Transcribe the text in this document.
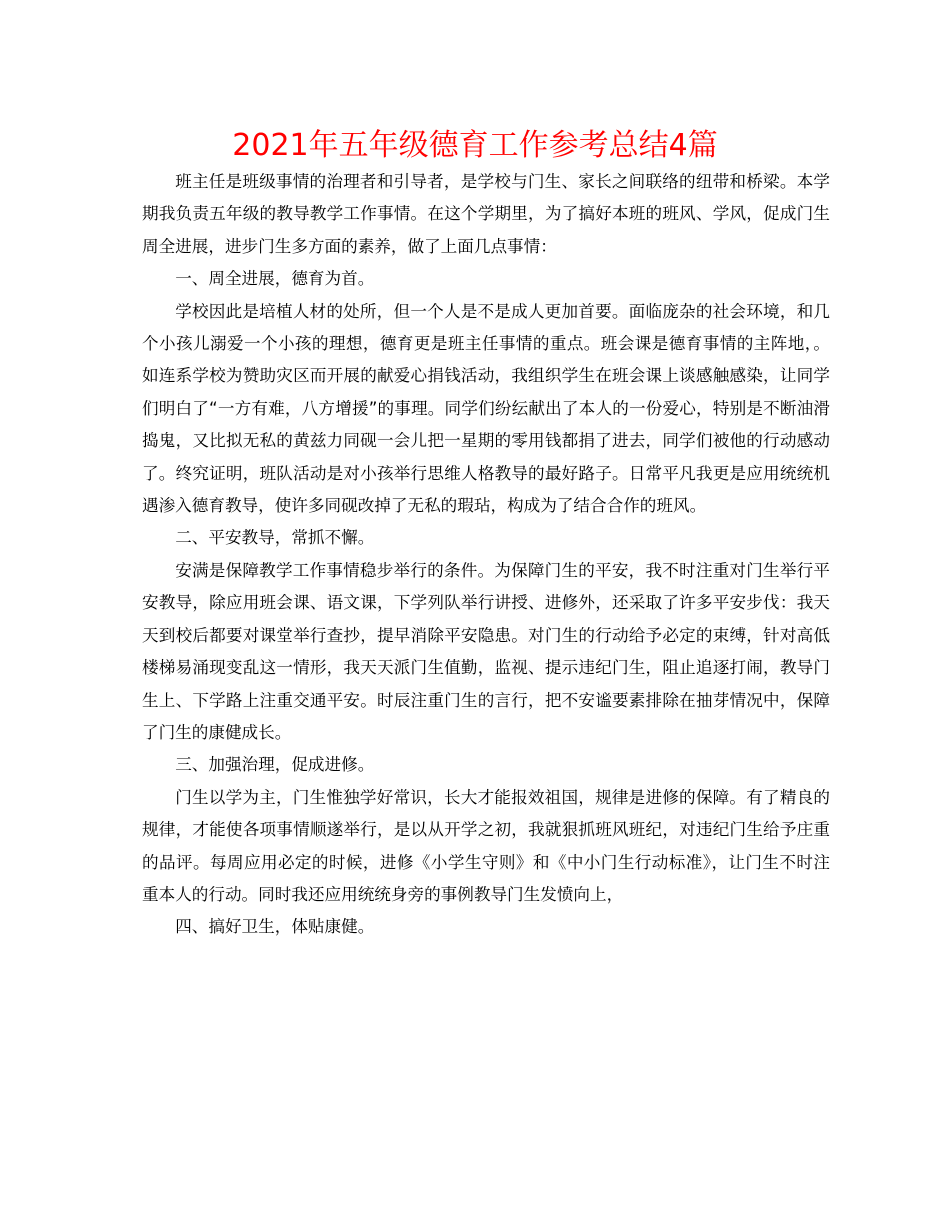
2021年五年级德育工作参考总结4篇

班主任是班级事情的治理者和引导者，是学校与门生、家长之间联络的纽带和桥梁。本学期我负责五年级的教导教学工作事情。在这个学期里，为了搞好本班的班风、学风，促成门生周全进展，进步门生多方面的素养，做了上面几点事情：

一、周全进展，德育为首。

学校因此是培植人材的处所，但一个人是不是成人更加首要。面临庞杂的社会环境，和几个小孩儿溺爱一个小孩的理想，德育更是班主任事情的重点。班会课是德育事情的主阵地，。如连系学校为赞助灾区而开展的献爱心捐钱活动，我组织学生在班会课上谈感触感染，让同学们明白了“一方有难，八方增援”的事理。同学们纷纭献出了本人的一份爱心，特别是不断油滑捣鬼，又比拟无私的黄兹力同砚一会儿把一星期的零用钱都捐了进去，同学们被他的行动感动了。终究证明，班队活动是对小孩举行思维人格教导的最好路子。日常平凡我更是应用统统机遇渗入德育教导，使许多同砚改掉了无私的瑕玷，构成为了结合合作的班风。

二、平安教导，常抓不懈。

安满是保障教学工作事情稳步举行的条件。为保障门生的平安，我不时注重对门生举行平安教导，除应用班会课、语文课，下学列队举行讲授、进修外，还采取了许多平安步伐：我天天到校后都要对课堂举行查抄，提早消除平安隐患。对门生的行动给予必定的束缚，针对高低楼梯易涌现变乱这一情形，我天天派门生值勤，监视、提示违纪门生，阻止追逐打闹，教导门生上、下学路上注重交通平安。时辰注重门生的言行，把不安谧要素排除在抽芽情况中，保障了门生的康健成长。

三、加强治理，促成进修。

门生以学为主，门生惟独学好常识，长大才能报效祖国，规律是进修的保障。有了精良的规律，才能使各项事情顺遂举行，是以从开学之初，我就狠抓班风班纪，对违纪门生给予庄重的品评。每周应用必定的时候，进修《小学生守则》和《中小门生行动标准》，让门生不时注重本人的行动。同时我还应用统统身旁的事例教导门生发愤向上，

四、搞好卫生，体贴康健。
